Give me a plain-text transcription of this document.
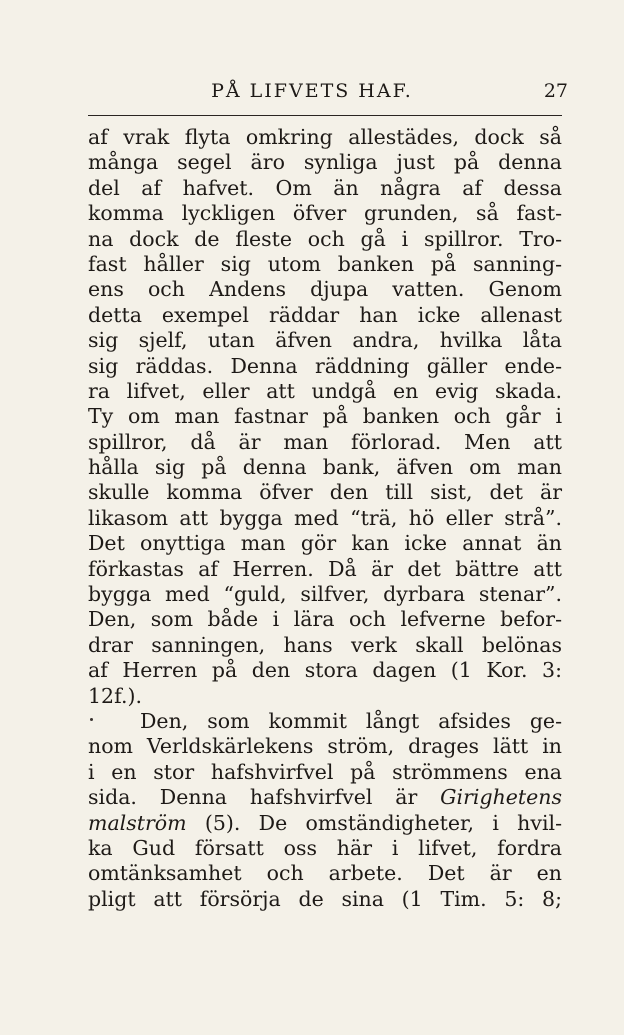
PÅ LIFVETS HAF.	27
af vrak flyta omkring allestädes, dock så
många segel äro synliga just på denna
del af hafvet. Om än några af dessa
komma lyckligen öfver grunden, så fast-
na dock de fleste och gå i spillror. Tro-
fast håller sig utom banken på sanning-
ens och Andens djupa vatten. Genom
detta exempel räddar han icke allenast
sig sjelf, utan äfven andra, hvilka låta
sig räddas. Denna räddning gäller ende-
ra lifvet, eller att undgå en evig skada.
Ty om man fastnar på banken och går i
spillror, då är man förlorad. Men att
hålla sig på denna bank, äfven om man
skulle komma öfver den till sist, det är
likasom att bygga med “trä, hö eller strå”.
Det onyttiga man gör kan icke annat än
förkastas af Herren. Då är det bättre att
bygga med “guld, silfver, dyrbara stenar”.
Den, som både i lära och lefverne befor-
drar sanningen, hans verk skall belönas
af Herren på den stora dagen (1 Kor. 3:
12f.).
Den, som kommit långt afsides ge-
nom Verldskärlekens ström, drages lätt in
i en stor hafshvirfvel på strömmens ena
sida. Denna hafshvirfvel är Girighetens
malström (5). De omständigheter, i hvil-
ka Gud försatt oss här i lifvet, fordra
omtänksamhet och arbete. Det är en
pligt att försörja de sina (1 Tim. 5: 8;
